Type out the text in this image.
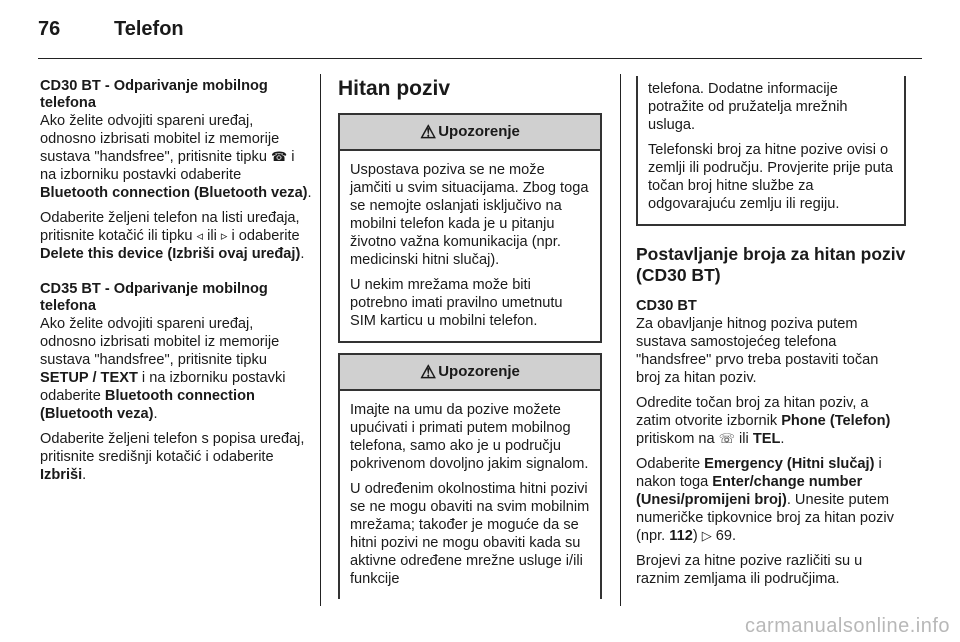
76	Telefon
CD30 BT - Odparivanje mobilnog telefona

Ako želite odvojiti spareni uređaj, odnosno izbrisati mobitel iz memorije sustava "handsfree", pritisnite tipku ☎ i na izborniku postavki odaberite Bluetooth connection (Bluetooth veza).

Odaberite željeni telefon na listi uređaja, pritisnite kotačić ili tipku ◃ ili ▹ i odaberite Delete this device (Izbriši ovaj uređaj).

CD35 BT - Odparivanje mobilnog telefona

Ako želite odvojiti spareni uređaj, odnosno izbrisati mobitel iz memorije sustava "handsfree", pritisnite tipku SETUP / TEXT i na izborniku postavki odaberite Bluetooth connection (Bluetooth veza).

Odaberite željeni telefon s popisa uređaj, pritisnite središnji kotačić i odaberite Izbriši.

Hitan poziv
⚠ Upozorenje

Uspostava poziva se ne može jamčiti u svim situacijama. Zbog toga se nemojte oslanjati isključivo na mobilni telefon kada je u pitanju životno važna komunikacija (npr. medicinski hitni slučaj).

U nekim mrežama može biti potrebno imati pravilno umetnutu SIM karticu u mobilni telefon.

⚠ Upozorenje

Imajte na umu da pozive možete upućivati i primati putem mobilnog telefona, samo ako je u području pokrivenom dovoljno jakim signalom.

U određenim okolnostima hitni pozivi se ne mogu obaviti na svim mobilnim mrežama; također je moguće da se hitni pozivi ne mogu obaviti kada su aktivne određene mrežne usluge i/ili funkcije

telefona. Dodatne informacije potražite od pružatelja mrežnih usluga.

Telefonski broj za hitne pozive ovisi o zemlji ili području. Provjerite prije puta točan broj hitne službe za odgovarajuću zemlju ili regiju.

Postavljanje broja za hitan poziv (CD30 BT)
CD30 BT

Za obavljanje hitnog poziva putem sustava samostojećeg telefona "handsfree" prvo treba postaviti točan broj za hitan poziv.

Odredite točan broj za hitan poziv, a zatim otvorite izbornik Phone (Telefon) pritiskom na ☏ ili TEL.

Odaberite Emergency (Hitni slučaj) i nakon toga Enter/change number (Unesi/promijeni broj). Unesite putem numeričke tipkovnice broj za hitan poziv (npr. 112) ▷ 69.

Brojevi za hitne pozive različiti su u raznim zemljama ili područjima.

carmanualsonline.info
